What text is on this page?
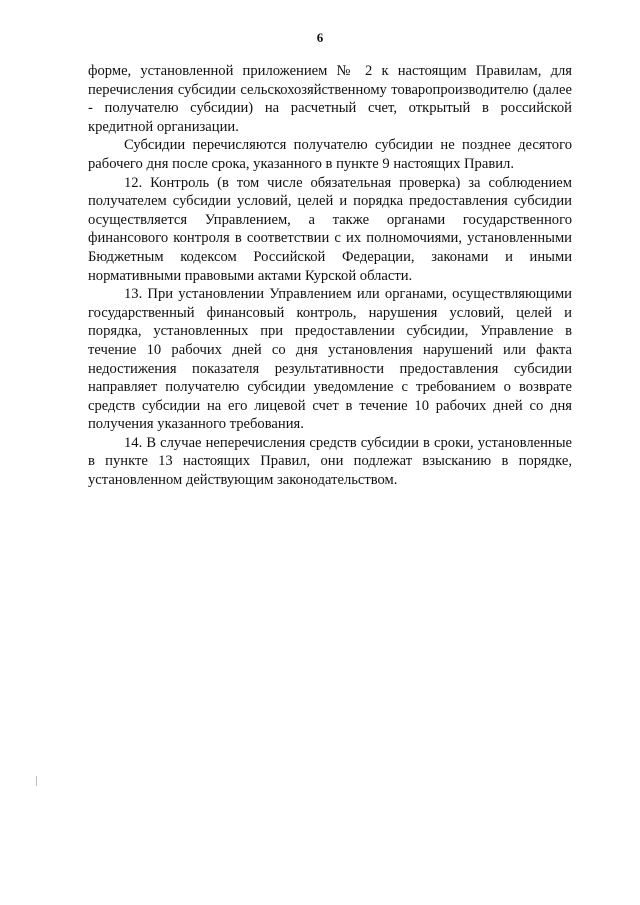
6

форме, установленной приложением № 2 к настоящим Правилам, для перечисления субсидии сельскохозяйственному товаропроизводителю (далее - получателю субсидии) на расчетный счет, открытый в российской кредитной организации.

Субсидии перечисляются получателю субсидии не позднее десятого рабочего дня после срока, указанного в пункте 9 настоящих Правил.

12. Контроль (в том числе обязательная проверка) за соблюдением получателем субсидии условий, целей и порядка предоставления субсидии осуществляется Управлением, а также органами государственного финансового контроля в соответствии с их полномочиями, установленными Бюджетным кодексом Российской Федерации, законами и иными нормативными правовыми актами Курской области.

13. При установлении Управлением или органами, осуществляющими государственный финансовый контроль, нарушения условий, целей и порядка, установленных при предоставлении субсидии, Управление в течение 10 рабочих дней со дня установления нарушений или факта недостижения показателя результативности предоставления субсидии направляет получателю субсидии уведомление с требованием о возврате средств субсидии на его лицевой счет в течение 10 рабочих дней со дня получения указанного требования.

14. В случае неперечисления средств субсидии в сроки, установленные в пункте 13 настоящих Правил, они подлежат взысканию в порядке, установленном действующим законодательством.
